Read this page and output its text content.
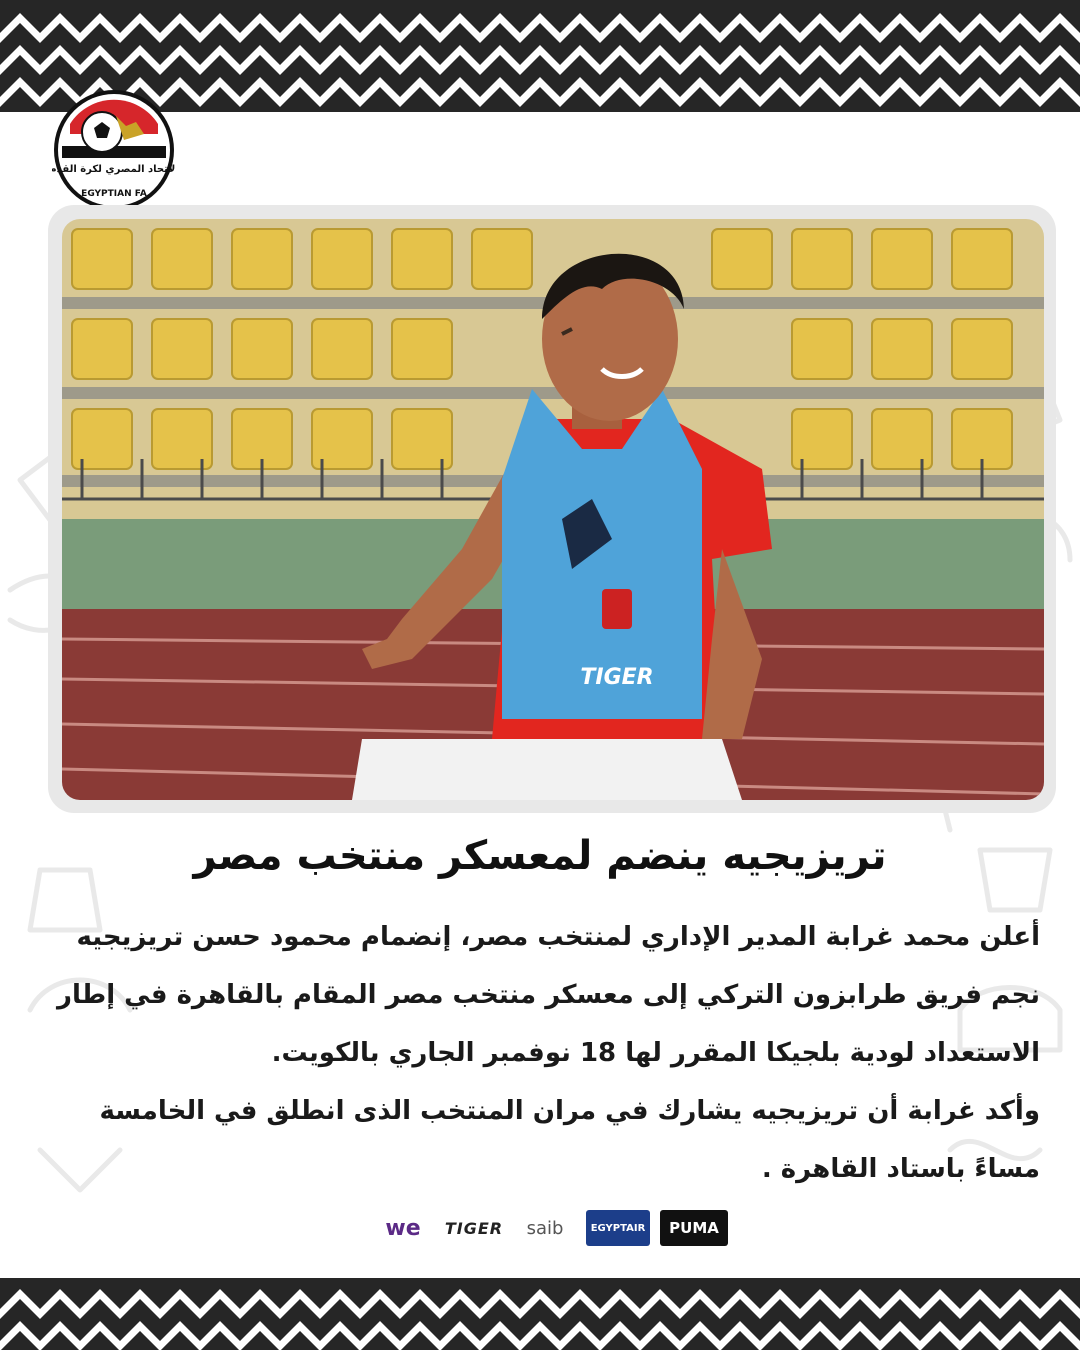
الاتحاد المصري لكرة القدم
EGYPTIAN FA
TIGER
تريزيجيه ينضم لمعسكر منتخب مصر

أعلن محمد غرابة المدير الإداري لمنتخب مصر، إنضمام محمود حسن تريزيجيه نجم فريق طرابزون التركي إلى معسكر منتخب مصر المقام بالقاهرة في إطار الاستعداد لودية بلجيكا المقرر لها 18 نوفمبر الجاري بالكويت.

وأكد غرابة أن تريزيجيه يشارك في مران المنتخب الذى انطلق في الخامسة مساءً باستاد القاهرة .

we	TIGER	saib	EGYPTAIR	PUMA
